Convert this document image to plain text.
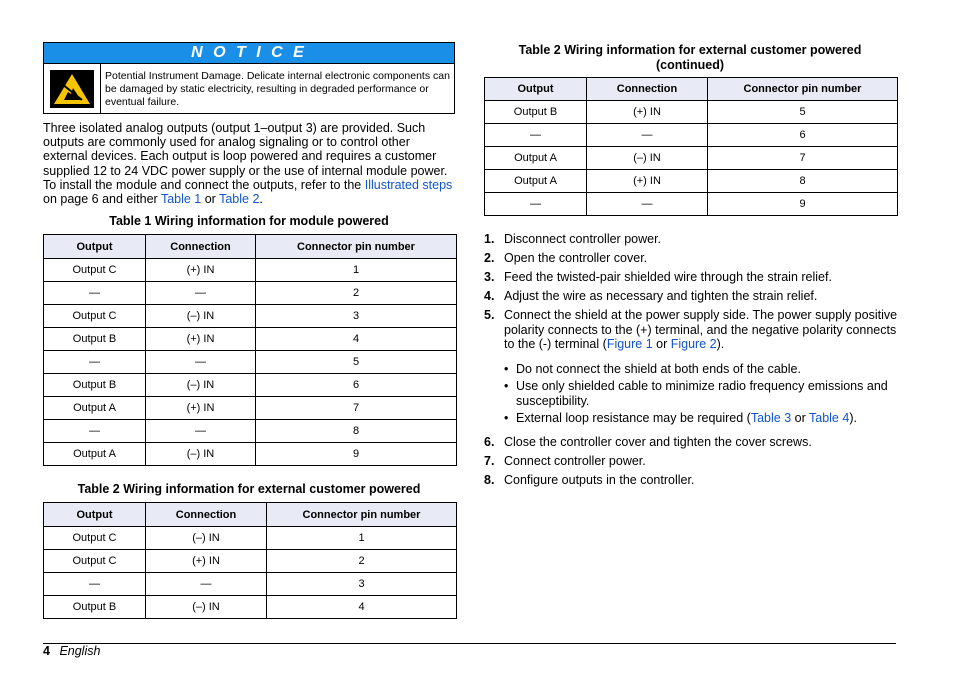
N O T I C E
Potential Instrument Damage. Delicate internal electronic components can be damaged by static electricity, resulting in degraded performance or eventual failure.
Three isolated analog outputs (output 1–output 3) are provided. Such outputs are commonly used for analog signaling or to control other external devices. Each output is loop powered and requires a customer supplied 12 to 24 VDC power supply or the use of internal module power. To install the module and connect the outputs, refer to the Illustrated steps
on page 6 and either Table 1 or Table 2.
Table 1 Wiring information for module powered
Output	Connection	Connector pin number
Output C	(+) IN	1
—	—	2
Output C	(–) IN	3
Output B	(+) IN	4
—	—	5
Output B	(–) IN	6
Output A	(+) IN	7
—	—	8
Output A	(–) IN	9
Table 2 Wiring information for external customer powered
Output	Connection	Connector pin number
Output C	(–) IN	1
Output C	(+) IN	2
—	—	3
Output B	(–) IN	4
Table 2 Wiring information for external customer powered
(continued)
Output	Connection	Connector pin number
Output B	(+) IN	5
—	—	6
Output A	(–) IN	7
Output A	(+) IN	8
—	—	9
1. Disconnect controller power.
2. Open the controller cover.
3. Feed the twisted-pair shielded wire through the strain relief.
4. Adjust the wire as necessary and tighten the strain relief.
5. Connect the shield at the power supply side. The power supply positive polarity connects to the (+) terminal, and the negative polarity connects to the (-) terminal (Figure 1 or Figure 2).
• Do not connect the shield at both ends of the cable.
• Use only shielded cable to minimize radio frequency emissions and susceptibility.
• External loop resistance may be required (Table 3 or Table 4).
6. Close the controller cover and tighten the cover screws.
7. Connect controller power.
8. Configure outputs in the controller.
4 English
